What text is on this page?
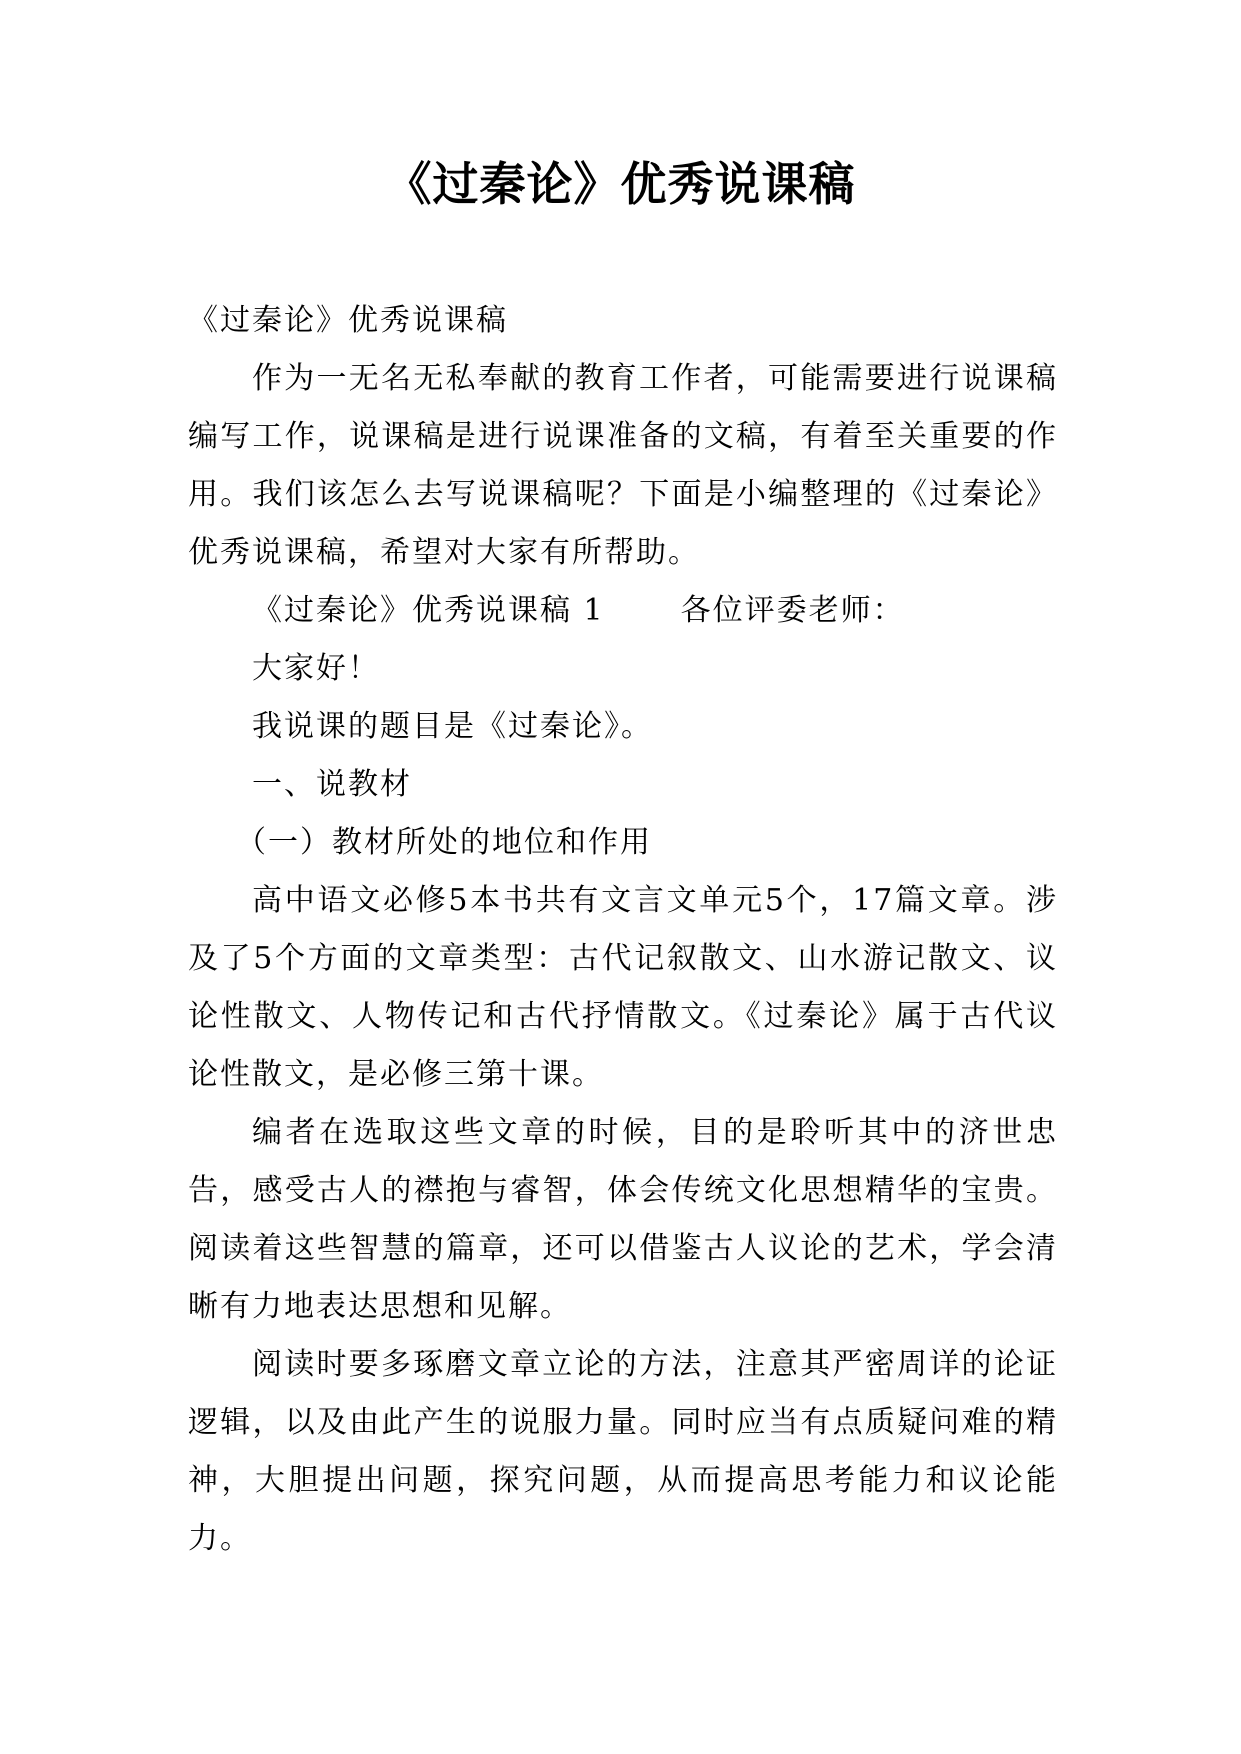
《过秦论》优秀说课稿

《过秦论》优秀说课稿

作为一无名无私奉献的教育工作者，可能需要进行说课稿编写工作，说课稿是进行说课准备的文稿，有着至关重要的作用。我们该怎么去写说课稿呢？下面是小编整理的《过秦论》优秀说课稿，希望对大家有所帮助。

《过秦论》优秀说课稿 1	各位评委老师：

大家好！

我说课的题目是《过秦论》。

一、说教材

（一）教材所处的地位和作用

高中语文必修5本书共有文言文单元5个，17篇文章。涉及了5个方面的文章类型：古代记叙散文、山水游记散文、议论性散文、人物传记和古代抒情散文。《过秦论》属于古代议论性散文，是必修三第十课。

编者在选取这些文章的时候，目的是聆听其中的济世忠告，感受古人的襟抱与睿智，体会传统文化思想精华的宝贵。阅读着这些智慧的篇章，还可以借鉴古人议论的艺术，学会清晰有力地表达思想和见解。

阅读时要多琢磨文章立论的方法，注意其严密周详的论证逻辑，以及由此产生的说服力量。同时应当有点质疑问难的精神，大胆提出问题，探究问题，从而提高思考能力和议论能力。
